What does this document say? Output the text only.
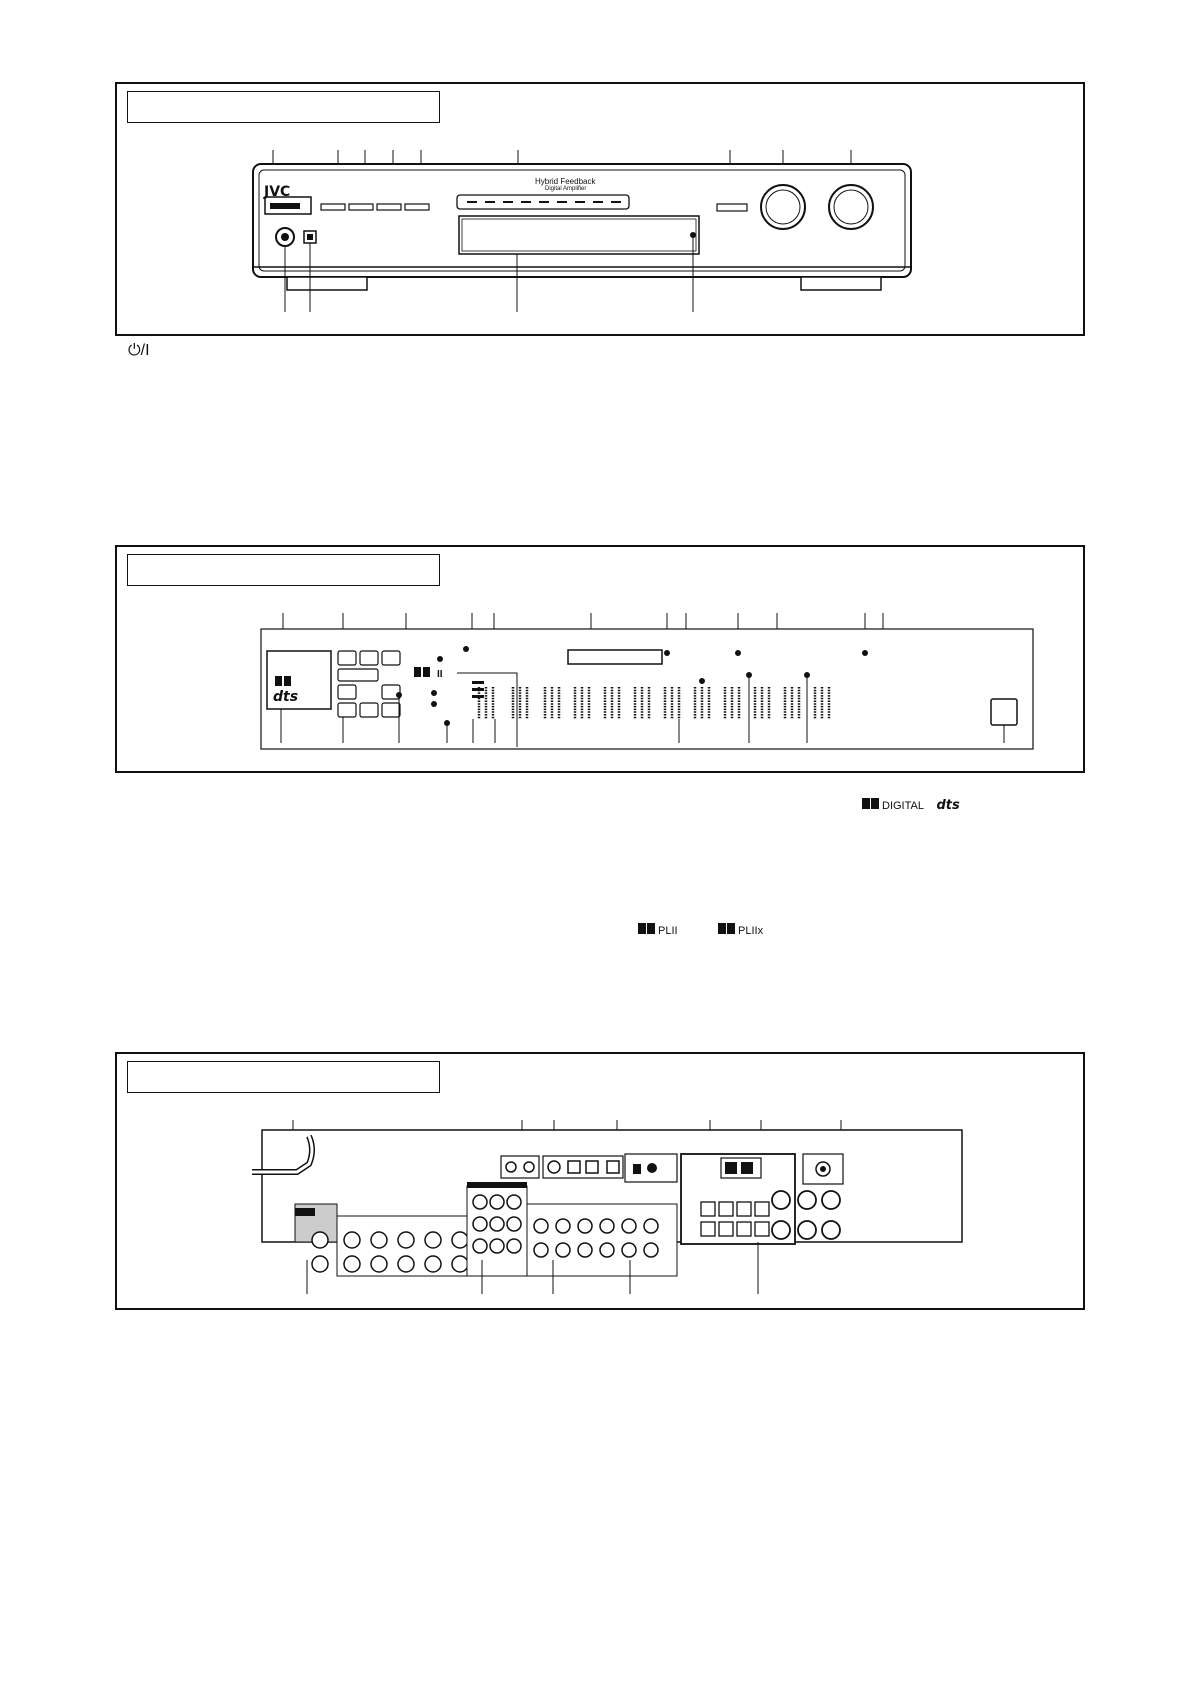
JVC
Hybrid Feedback
Digital Amplifier
⏻/I
II
dts
DIGITAL dts
PLII	PLIIx
